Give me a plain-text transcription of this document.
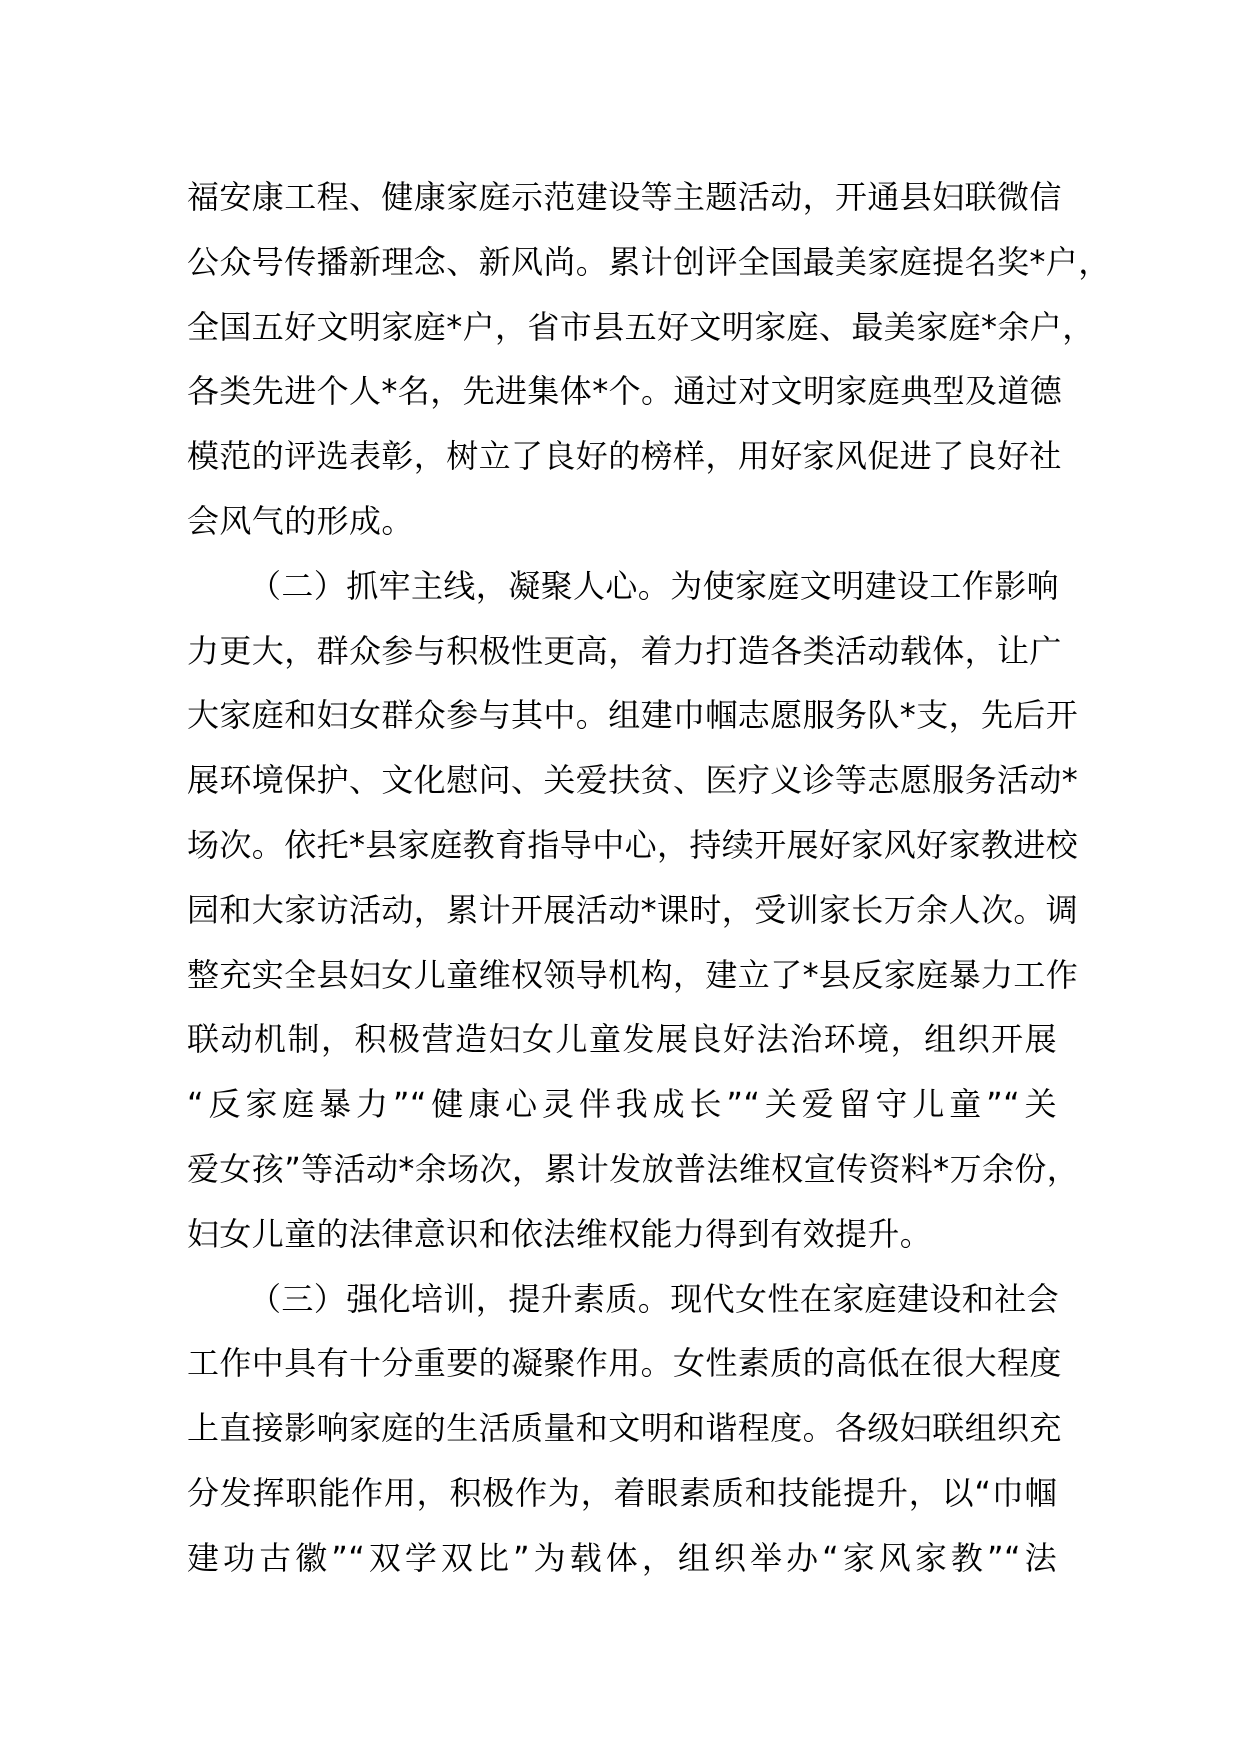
福安康工程、健康家庭示范建设等主题活动，开通县妇联微信
公众号传播新理念、新风尚。累计创评全国最美家庭提名奖*户，
全国五好文明家庭*户，省市县五好文明家庭、最美家庭*余户，
各类先进个人*名，先进集体*个。通过对文明家庭典型及道德
模范的评选表彰，树立了良好的榜样，用好家风促进了良好社
会风气的形成。
（二）抓牢主线，凝聚人心。为使家庭文明建设工作影响
力更大，群众参与积极性更高，着力打造各类活动载体，让广
大家庭和妇女群众参与其中。组建巾帼志愿服务队*支，先后开
展环境保护、文化慰问、关爱扶贫、医疗义诊等志愿服务活动*
场次。依托*县家庭教育指导中心，持续开展好家风好家教进校
园和大家访活动，累计开展活动*课时，受训家长万余人次。调
整充实全县妇女儿童维权领导机构，建立了*县反家庭暴力工作
联动机制，积极营造妇女儿童发展良好法治环境，组织开展
“反家庭暴力”“健康心灵伴我成长”“关爱留守儿童”“关
爱女孩”等活动*余场次，累计发放普法维权宣传资料*万余份，
妇女儿童的法律意识和依法维权能力得到有效提升。
（三）强化培训，提升素质。现代女性在家庭建设和社会
工作中具有十分重要的凝聚作用。女性素质的高低在很大程度
上直接影响家庭的生活质量和文明和谐程度。各级妇联组织充
分发挥职能作用，积极作为，着眼素质和技能提升，以“巾帼
建功古徽”“双学双比”为载体，组织举办“家风家教”“法
